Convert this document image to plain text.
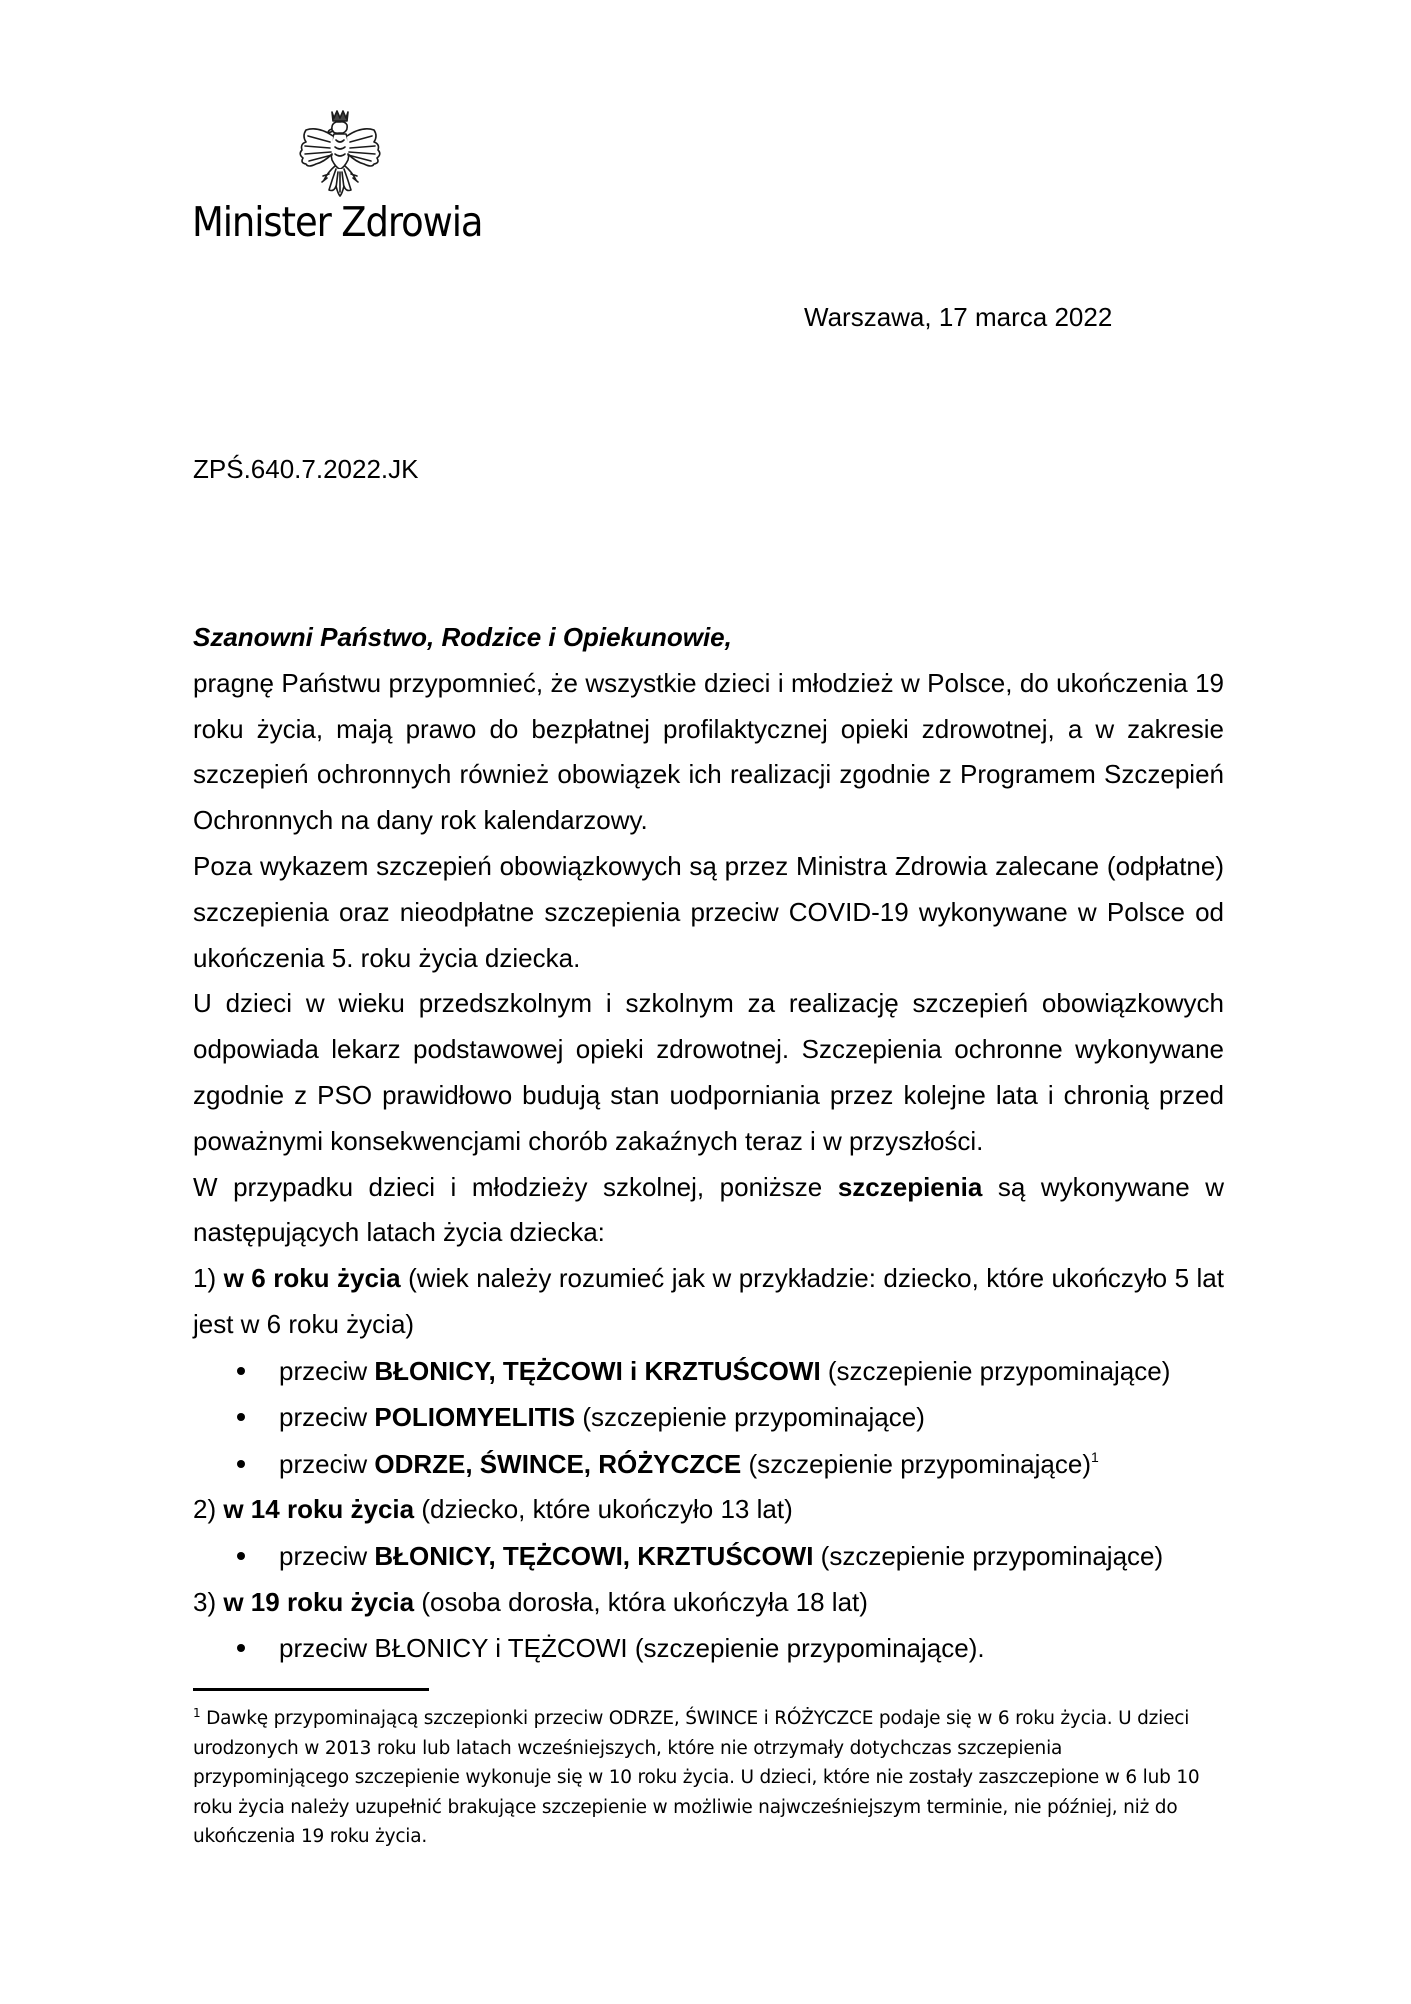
Minister Zdrowia
Warszawa, 17 marca 2022
ZPŚ.640.7.2022.JK

Szanowni Państwo, Rodzice i Opiekunowie,

pragnę Państwu przypomnieć, że wszystkie dzieci i młodzież w Polsce, do ukończenia 19 roku życia, mają prawo do bezpłatnej profilaktycznej opieki zdrowotnej, a w zakresie szczepień ochronnych również obowiązek ich realizacji zgodnie z Programem Szczepień Ochronnych na dany rok kalendarzowy.

Poza wykazem szczepień obowiązkowych są przez Ministra Zdrowia zalecane (odpłatne) szczepienia oraz nieodpłatne szczepienia przeciw COVID-19 wykonywane w Polsce od ukończenia 5. roku życia dziecka.

U dzieci w wieku przedszkolnym i szkolnym za realizację szczepień obowiązkowych odpowiada lekarz podstawowej opieki zdrowotnej. Szczepienia ochronne wykonywane zgodnie z PSO prawidłowo budują stan uodporniania przez kolejne lata i chronią przed poważnymi konsekwencjami chorób zakaźnych teraz i w przyszłości.

W przypadku dzieci i młodzieży szkolnej, poniższe szczepienia są wykonywane w następujących latach życia dziecka:

1) w 6 roku życia (wiek należy rozumieć jak w przykładzie: dziecko, które ukończyło 5 lat jest w 6 roku życia)

przeciw BŁONICY, TĘŻCOWI i KRZTUŚCOWI (szczepienie przypominające)
przeciw POLIOMYELITIS (szczepienie przypominające)
przeciw ODRZE, ŚWINCE, RÓŻYCZCE (szczepienie przypominające)$^1$

2) w 14 roku życia (dziecko, które ukończyło 13 lat)

przeciw BŁONICY, TĘŻCOWI, KRZTUŚCOWI (szczepienie przypominające)

3) w 19 roku życia (osoba dorosła, która ukończyła 18 lat)

przeciw BŁONICY i TĘŻCOWI (szczepienie przypominające).
$^1$ Dawkę przypominającą szczepionki przeciw ODRZE, ŚWINCE i RÓŻYCZCE podaje się w 6 roku życia. U dzieci urodzonych w 2013 roku lub latach wcześniejszych, które nie otrzymały dotychczas szczepienia przypominjącego szczepienie wykonuje się w 10 roku życia. U dzieci, które nie zostały zaszczepione w 6 lub 10 roku życia należy uzupełnić brakujące szczepienie w możliwie najwcześniejszym terminie, nie później, niż do ukończenia 19 roku życia.
